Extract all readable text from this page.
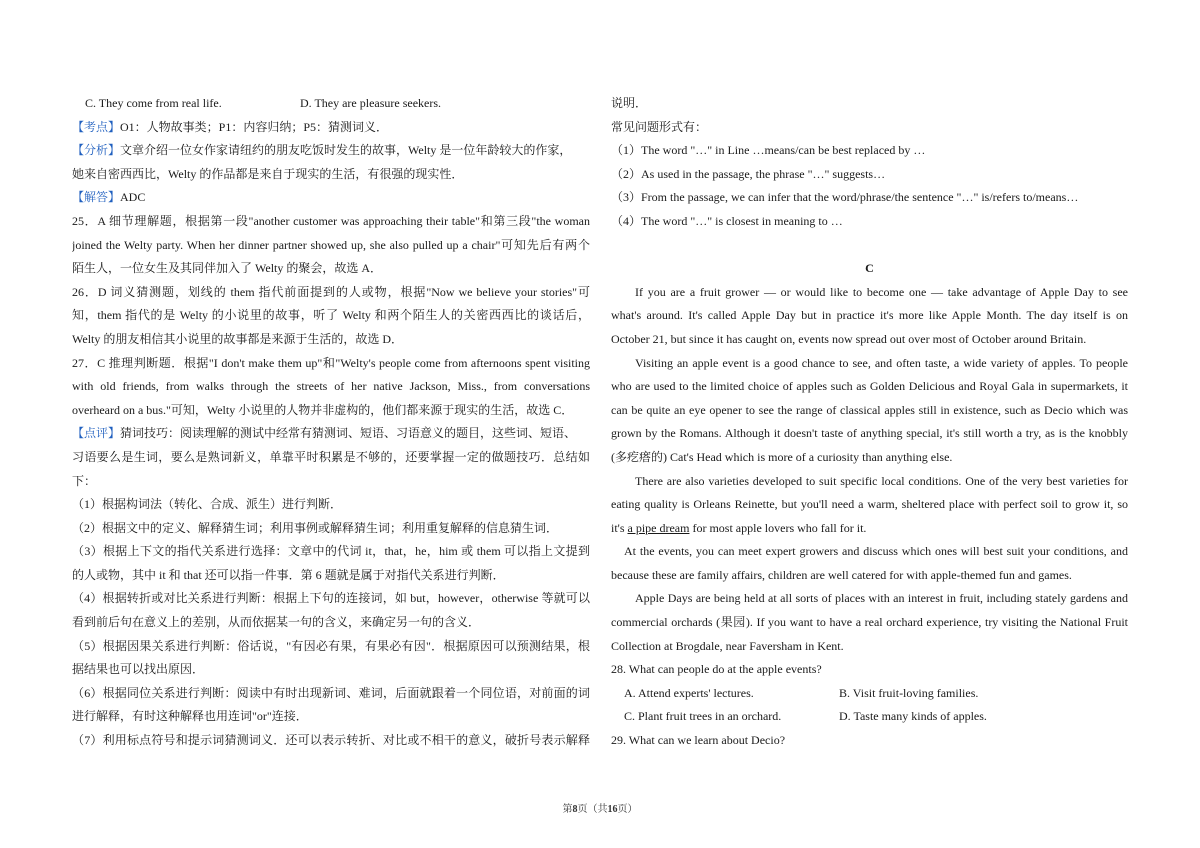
C. They come from real life.	D. They are pleasure seekers.
【考点】O1：人物故事类；P1：内容归纳；P5：猜测词义．
【分析】文章介绍一位女作家请纽约的朋友吃饭时发生的故事，Welty 是一位年龄较大的作家，
她来自密西西比，Welty 的作品都是来自于现实的生活，有很强的现实性．
【解答】ADC
25．A 细节理解题，根据第一段"another customer was approaching their table"和第三段"the woman
joined the Welty party. When her dinner partner showed up, she also pulled up a chair"可知先后有两个
陌生人，一位女生及其同伴加入了 Welty 的聚会，故选 A．
26．D 词义猜测题，划线的 them 指代前面提到的人或物，根据"Now we believe your stories"可
知，them 指代的是 Welty 的小说里的故事，听了 Welty 和两个陌生人的关密西西比的谈话后，
Welty 的朋友相信其小说里的故事都是来源于生活的，故选 D．
27．C 推理判断题．根据"I don't make them up"和"Welty's people come from afternoons spent visiting
with old friends, from walks through the streets of her native Jackson, Miss., from conversations
overheard on a bus."可知，Welty 小说里的人物并非虚构的，他们都来源于现实的生活，故选 C．
【点评】猜词技巧：阅读理解的测试中经常有猜测词、短语、习语意义的题目，这些词、短语、
习语要么是生词，要么是熟词新义，单靠平时积累是不够的，还要掌握一定的做题技巧．总结如
下：
（1）根据构词法（转化、合成、派生）进行判断．
（2）根据文中的定义、解释猜生词；利用事例或解释猜生词；利用重复解释的信息猜生词．
（3）根据上下文的指代关系进行选择：文章中的代词 it，that，he，him 或 them 可以指上文提到
的人或物，其中 it 和 that 还可以指一件事．第 6 题就是属于对指代关系进行判断．
（4）根据转折或对比关系进行判断：根据上下句的连接词，如 but，however，otherwise 等就可以
看到前后句在意义上的差别，从而依据某一句的含义，来确定另一句的含义．
（5）根据因果关系进行判断：俗话说，"有因必有果，有果必有因"．根据原因可以预测结果，根
据结果也可以找出原因．
（6）根据同位关系进行判断：阅读中有时出现新词、难词，后面就跟着一个同位语，对前面的词
进行解释，有时这种解释也用连词"or"连接．
（7）利用标点符号和提示词猜测词义．还可以表示转折、对比或不相干的意义，破折号表示解释
说明．
常见问题形式有：
（1）The word "…" in Line …means/can be best replaced by …
（2）As used in the passage, the phrase "…" suggests…
（3）From the passage, we can infer that the word/phrase/the sentence "…" is/refers to/means…
（4）The word "…" is closest in meaning to …

C
If you are a fruit grower — or would like to become one — take advantage of Apple Day to see
what's around. It's called Apple Day but in practice it's more like Apple Month. The day itself is on
October 21, but since it has caught on, events now spread out over most of October around Britain.
Visiting an apple event is a good chance to see, and often taste, a wide variety of apples. To people
who are used to the limited choice of apples such as Golden Delicious and Royal Gala in supermarkets, it
can be quite an eye opener to see the range of classical apples still in existence, such as Decio which was
grown by the Romans. Although it doesn't taste of anything special, it's still worth a try, as is the knobbly
(多疙瘩的) Cat's Head which is more of a curiosity than anything else.
There are also varieties developed to suit specific local conditions. One of the very best varieties for
eating quality is Orleans Reinette, but you'll need a warm, sheltered place with perfect soil to grow it, so
it's a pipe dream for most apple lovers who fall for it.
At the events, you can meet expert growers and discuss which ones will best suit your conditions, and
because these are family affairs, children are well catered for with apple-themed fun and games.
Apple Days are being held at all sorts of places with an interest in fruit, including stately gardens and
commercial orchards (果园). If you want to have a real orchard experience, try visiting the National Fruit
Collection at Brogdale, near Faversham in Kent.
28. What can people do at the apple events?
A. Attend experts' lectures.	B. Visit fruit-loving families.
C. Plant fruit trees in an orchard.	D. Taste many kinds of apples.
29. What can we learn about Decio?
第8页（共16页）
